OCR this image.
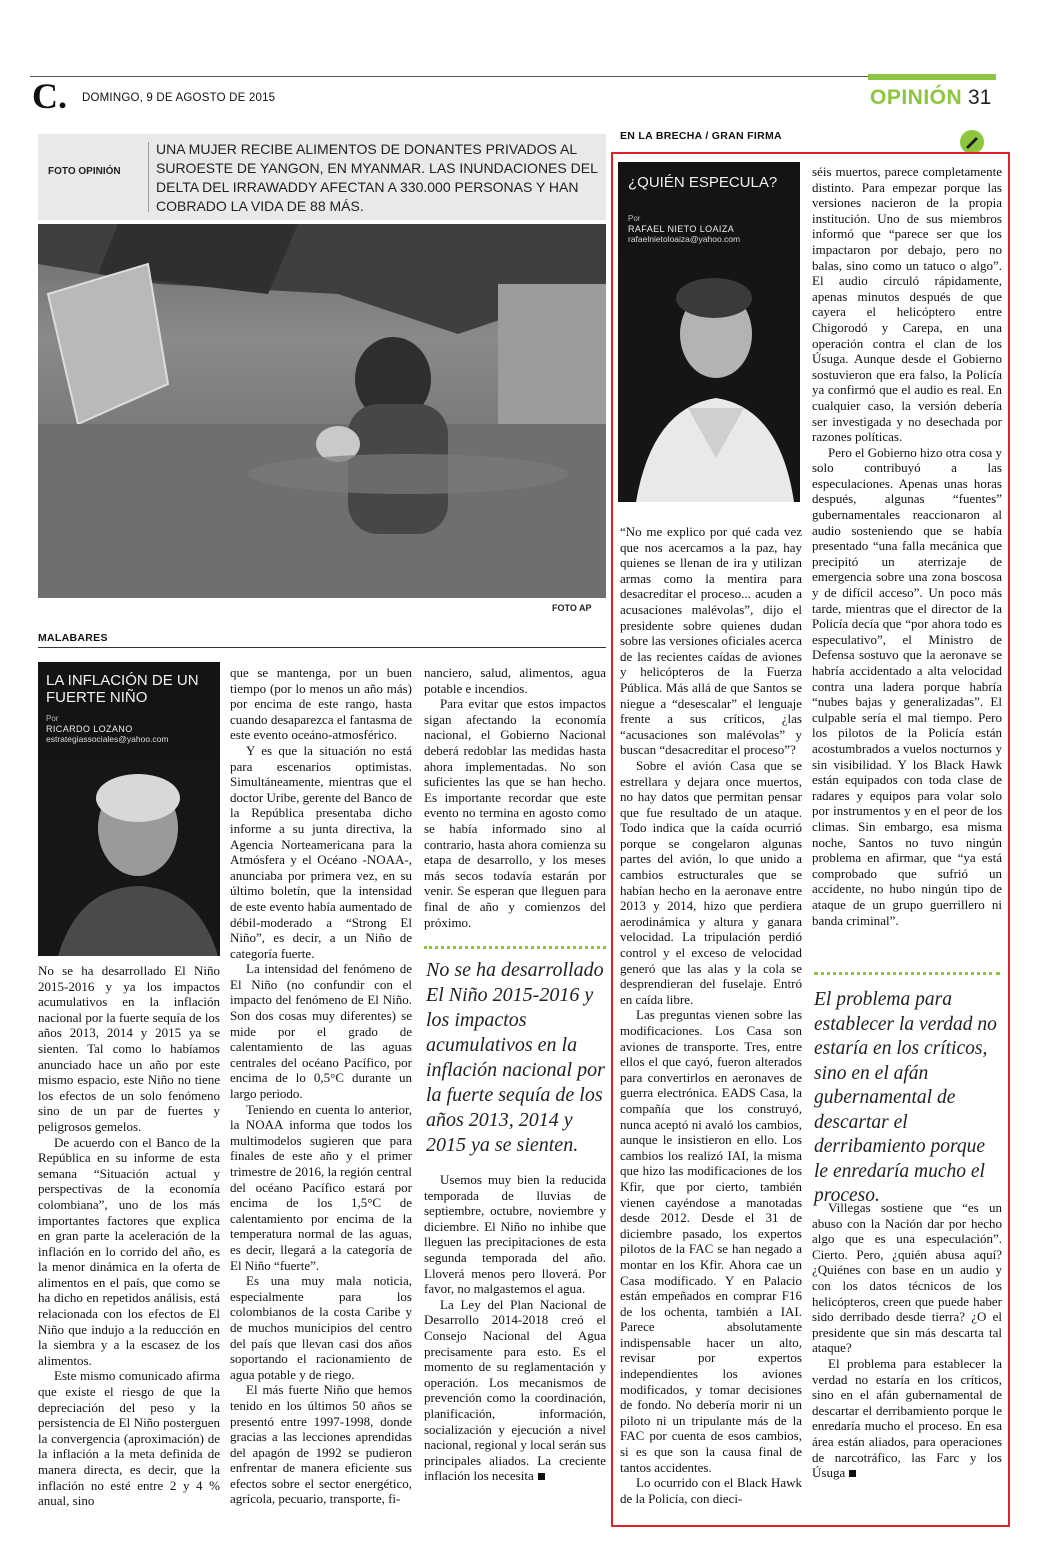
C. DOMINGO, 9 DE AGOSTO DE 2015	OPINIÓN 31
FOTO OPINIÓN
UNA MUJER RECIBE ALIMENTOS DE DONANTES PRIVADOS AL SUROESTE DE YANGON, EN MYANMAR. LAS INUNDACIONES DEL DELTA DEL IRRAWADDY AFECTAN A 330.000 PERSONAS Y HAN COBRADO LA VIDA DE 88 MÁS.
FOTO AP
MALABARES
LA INFLACIÓN DE UN FUERTE NIÑO
Por
RICARDO LOZANO
estrategiassociales@yahoo.com

No se ha desarrollado El Niño 2015-2016 y ya los impactos acumulativos en la inflación nacional por la fuerte sequía de los años 2013, 2014 y 2015 ya se sienten. Tal como lo habíamos anunciado hace un año por este mismo espacio, este Niño no tiene los efectos de un solo fenómeno sino de un par de fuertes y peligrosos gemelos.

De acuerdo con el Banco de la República en su informe de esta semana “Situación actual y perspectivas de la economía colombiana”, uno de los más importantes factores que explica en gran parte la aceleración de la inflación en lo corrido del año, es la menor dinámica en la oferta de alimentos en el país, que como se ha dicho en repetidos análisis, está relacionada con los efectos de El Niño que indujo a la reducción en la siembra y a la escasez de los alimentos.

Este mismo comunicado afirma que existe el riesgo de que la depreciación del peso y la persistencia de El Niño posterguen la convergencia (aproximación) de la inflación a la meta definida de manera directa, es decir, que la inflación no esté entre 2 y 4 % anual, sino

que se mantenga, por un buen tiempo (por lo menos un año más) por encima de este rango, hasta cuando desaparezca el fantasma de este evento oceáno-atmosférico.

Y es que la situación no está para escenarios optimistas. Simultáneamente, mientras que el doctor Uribe, gerente del Banco de la República presentaba dicho informe a su junta directiva, la Agencia Norteamericana para la Atmósfera y el Océano -NOAA-, anunciaba por primera vez, en su último boletín, que la intensidad de este evento había aumentado de débil-moderado a “Strong El Niño”, es decir, a un Niño de categoría fuerte.

La intensidad del fenómeno de El Niño (no confundir con el impacto del fenómeno de El Niño. Son dos cosas muy diferentes) se mide por el grado de calentamiento de las aguas centrales del océano Pacífico, por encima de lo 0,5°C durante un largo periodo.

Teniendo en cuenta lo anterior, la NOAA informa que todos los multimodelos sugieren que para finales de este año y el primer trimestre de 2016, la región central del océano Pacífico estará por encima de los 1,5°C de calentamiento por encima de la temperatura normal de las aguas, es decir, llegará a la categoría de El Niño “fuerte”.

Es una muy mala noticia, especialmente para los colombianos de la costa Caribe y de muchos municipios del centro del país que llevan casi dos años soportando el racionamiento de agua potable y de riego.

El más fuerte Niño que hemos tenido en los últimos 50 años se presentó entre 1997-1998, donde gracias a las lecciones aprendidas del apagón de 1992 se pudieron enfrentar de manera eficiente sus efectos sobre el sector energético, agrícola, pecuario, transporte, fi-

nanciero, salud, alimentos, agua potable e incendios.

Para evitar que estos impactos sigan afectando la economía nacional, el Gobierno Nacional deberá redoblar las medidas hasta ahora implementadas. No son suficientes las que se han hecho. Es importante recordar que este evento no termina en agosto como se había informado sino al contrario, hasta ahora comienza su etapa de desarrollo, y los meses más secos todavía estarán por venir. Se esperan que lleguen para final de año y comienzos del próximo.

No se ha desarrollado El Niño 2015-2016 y los impactos acumulativos en la inflación nacional por la fuerte sequía de los años 2013, 2014 y 2015 ya se sienten.

Usemos muy bien la reducida temporada de lluvias de septiembre, octubre, noviembre y diciembre. El Niño no inhibe que lleguen las precipitaciones de esta segunda temporada del año. Lloverá menos pero lloverá. Por favor, no malgastemos el agua.

La Ley del Plan Nacional de Desarrollo 2014-2018 creó el Consejo Nacional del Agua precisamente para esto. Es el momento de su reglamentación y operación. Los mecanismos de prevención como la coordinación, planificación, información, socialización y ejecución a nivel nacional, regional y local serán sus principales aliados. La creciente inflación los necesita

EN LA BRECHA / GRAN FIRMA
¿QUIÉN ESPECULA?
Por
RAFAEL NIETO LOAIZA
rafaelnietoloaiza@yahoo.com

“No me explico por qué cada vez que nos acercamos a la paz, hay quienes se llenan de ira y utilizan armas como la mentira para desacreditar el proceso... acuden a acusaciones malévolas”, dijo el presidente sobre quienes dudan sobre las versiones oficiales acerca de las recientes caídas de aviones y helicópteros de la Fuerza Pública. Más allá de que Santos se niegue a “desescalar” el lenguaje frente a sus críticos, ¿las “acusaciones son malévolas” y buscan “desacreditar el proceso”?

Sobre el avión Casa que se estrellara y dejara once muertos, no hay datos que permitan pensar que fue resultado de un ataque. Todo indica que la caída ocurrió porque se congelaron algunas partes del avión, lo que unido a cambios estructurales que se habían hecho en la aeronave entre 2013 y 2014, hizo que perdiera aerodinámica y altura y ganara velocidad. La tripulación perdió control y el exceso de velocidad generó que las alas y la cola se desprendieran del fuselaje. Entró en caída libre.

Las preguntas vienen sobre las modificaciones. Los Casa son aviones de transporte. Tres, entre ellos el que cayó, fueron alterados para convertirlos en aeronaves de guerra electrónica. EADS Casa, la compañía que los construyó, nunca aceptó ni avaló los cambios, aunque le insistieron en ello. Los cambios los realizó IAI, la misma que hizo las modificaciones de los Kfir, que por cierto, también vienen cayéndose a manotadas desde 2012. Desde el 31 de diciembre pasado, los expertos pilotos de la FAC se han negado a montar en los Kfir. Ahora cae un Casa modificado. Y en Palacio están empeñados en comprar F16 de los ochenta, también a IAI. Parece absolutamente indispensable hacer un alto, revisar por expertos independientes los aviones modificados, y tomar decisiones de fondo. No debería morir ni un piloto ni un tripulante más de la FAC por cuenta de esos cambios, si es que son la causa final de tantos accidentes.

Lo ocurrido con el Black Hawk de la Policía, con dieci-

séis muertos, parece completamente distinto. Para empezar porque las versiones nacieron de la propia institución. Uno de sus miembros informó que “parece ser que los impactaron por debajo, pero no balas, sino como un tatuco o algo”. El audio circuló rápidamente, apenas minutos después de que cayera el helicóptero entre Chigorodó y Carepa, en una operación contra el clan de los Úsuga. Aunque desde el Gobierno sostuvieron que era falso, la Policía ya confirmó que el audio es real. En cualquier caso, la versión debería ser investigada y no desechada por razones políticas.

Pero el Gobierno hizo otra cosa y solo contribuyó a las especulaciones. Apenas unas horas después, algunas “fuentes” gubernamentales reaccionaron al audio sosteniendo que se había presentado “una falla mecánica que precipitó un aterrizaje de emergencia sobre una zona boscosa y de difícil acceso”. Un poco más tarde, mientras que el director de la Policía decía que “por ahora todo es especulativo”, el Ministro de Defensa sostuvo que la aeronave se habría accidentado a alta velocidad contra una ladera porque habría “nubes bajas y generalizadas”. El culpable sería el mal tiempo. Pero los pilotos de la Policía están acostumbrados a vuelos nocturnos y sin visibilidad. Y los Black Hawk están equipados con toda clase de radares y equipos para volar solo por instrumentos y en el peor de los climas. Sin embargo, esa misma noche, Santos no tuvo ningún problema en afirmar, que “ya está comprobado que sufrió un accidente, no hubo ningún tipo de ataque de un grupo guerrillero ni banda criminal”.

El problema para establecer la verdad no estaría en los críticos, sino en el afán gubernamental de descartar el derribamiento porque le enredaría mucho el proceso.

Villegas sostiene que “es un abuso con la Nación dar por hecho algo que es una especulación”. Cierto. Pero, ¿quién abusa aquí? ¿Quiénes con base en un audio y con los datos técnicos de los helicópteros, creen que puede haber sido derribado desde tierra? ¿O el presidente que sin más descarta tal ataque?

El problema para establecer la verdad no estaría en los críticos, sino en el afán gubernamental de descartar el derribamiento porque le enredaría mucho el proceso. En esa área están aliados, para operaciones de narcotráfico, las Farc y los Úsuga
